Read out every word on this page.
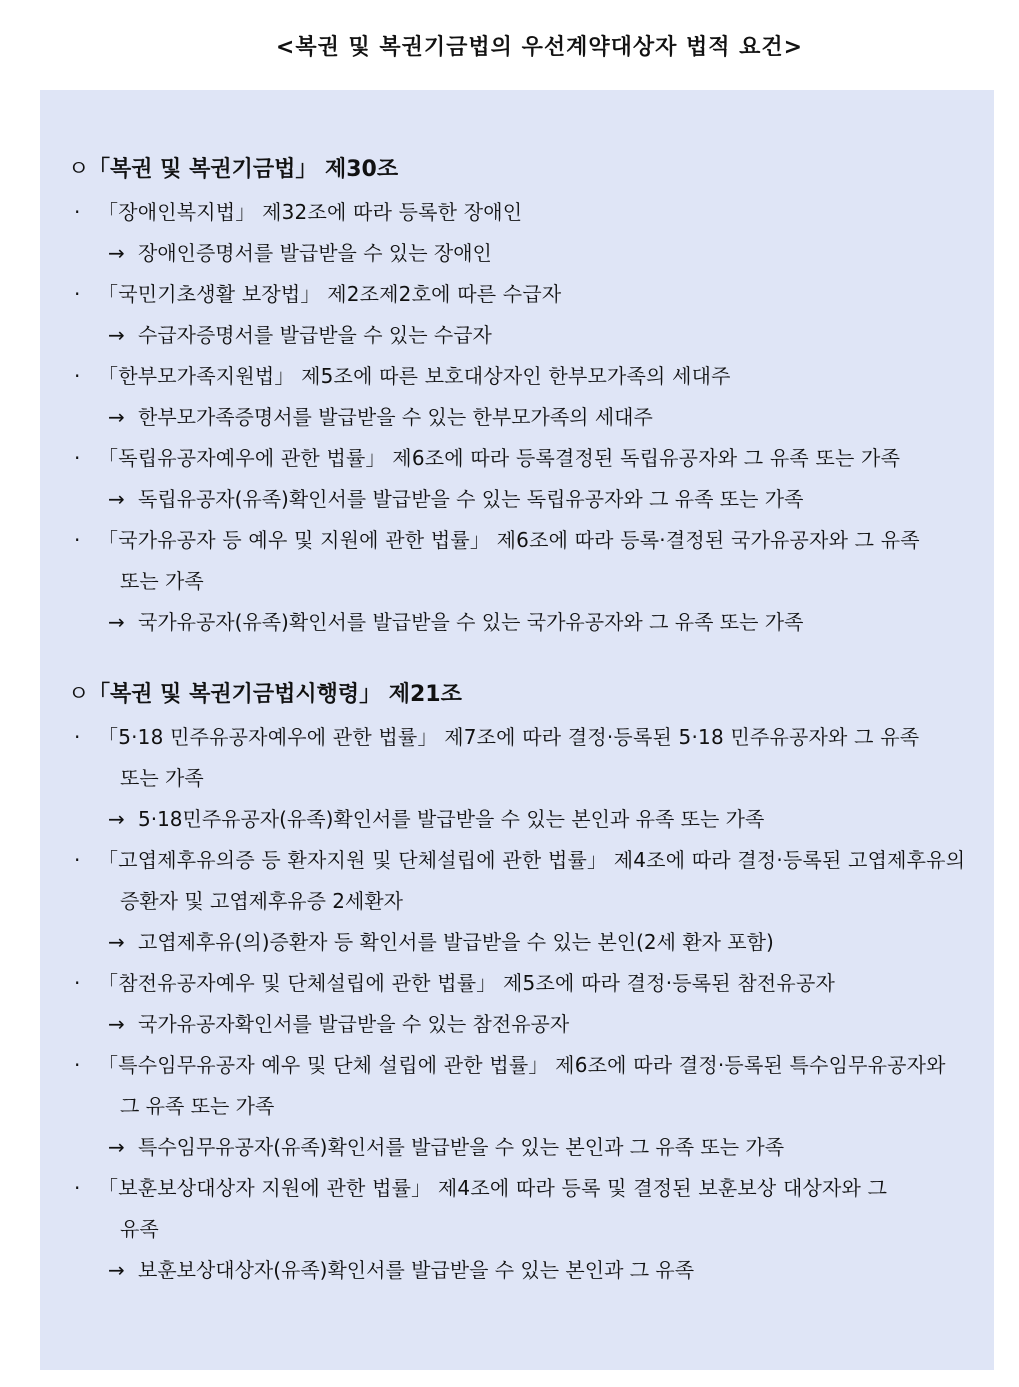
<복권 및 복권기금법의 우선계약대상자 법적 요건>
ㅇ「복권 및 복권기금법」 제30조
· 「장애인복지법」 제32조에 따라 등록한 장애인
→ 장애인증명서를 발급받을 수 있는 장애인
· 「국민기초생활 보장법」 제2조제2호에 따른 수급자
→ 수급자증명서를 발급받을 수 있는 수급자
· 「한부모가족지원법」 제5조에 따른 보호대상자인 한부모가족의 세대주
→ 한부모가족증명서를 발급받을 수 있는 한부모가족의 세대주
· 「독립유공자예우에 관한 법률」 제6조에 따라 등록결정된 독립유공자와 그 유족 또는 가족
→ 독립유공자(유족)확인서를 발급받을 수 있는 독립유공자와 그 유족 또는 가족
· 「국가유공자 등 예우 및 지원에 관한 법률」 제6조에 따라 등록·결정된 국가유공자와 그 유족
또는 가족
→ 국가유공자(유족)확인서를 발급받을 수 있는 국가유공자와 그 유족 또는 가족
ㅇ「복권 및 복권기금법시행령」 제21조
· 「5·18 민주유공자예우에 관한 법률」 제7조에 따라 결정·등록된 5·18 민주유공자와 그 유족
또는 가족
→ 5·18민주유공자(유족)확인서를 발급받을 수 있는 본인과 유족 또는 가족
· 「고엽제후유의증 등 환자지원 및 단체설립에 관한 법률」 제4조에 따라 결정·등록된 고엽제후유의
증환자 및 고엽제후유증 2세환자
→ 고엽제후유(의)증환자 등 확인서를 발급받을 수 있는 본인(2세 환자 포함)
· 「참전유공자예우 및 단체설립에 관한 법률」 제5조에 따라 결정·등록된 참전유공자
→ 국가유공자확인서를 발급받을 수 있는 참전유공자
· 「특수임무유공자 예우 및 단체 설립에 관한 법률」 제6조에 따라 결정·등록된 특수임무유공자와
그 유족 또는 가족
→ 특수임무유공자(유족)확인서를 발급받을 수 있는 본인과 그 유족 또는 가족
· 「보훈보상대상자 지원에 관한 법률」 제4조에 따라 등록 및 결정된 보훈보상 대상자와 그
유족
→ 보훈보상대상자(유족)확인서를 발급받을 수 있는 본인과 그 유족
